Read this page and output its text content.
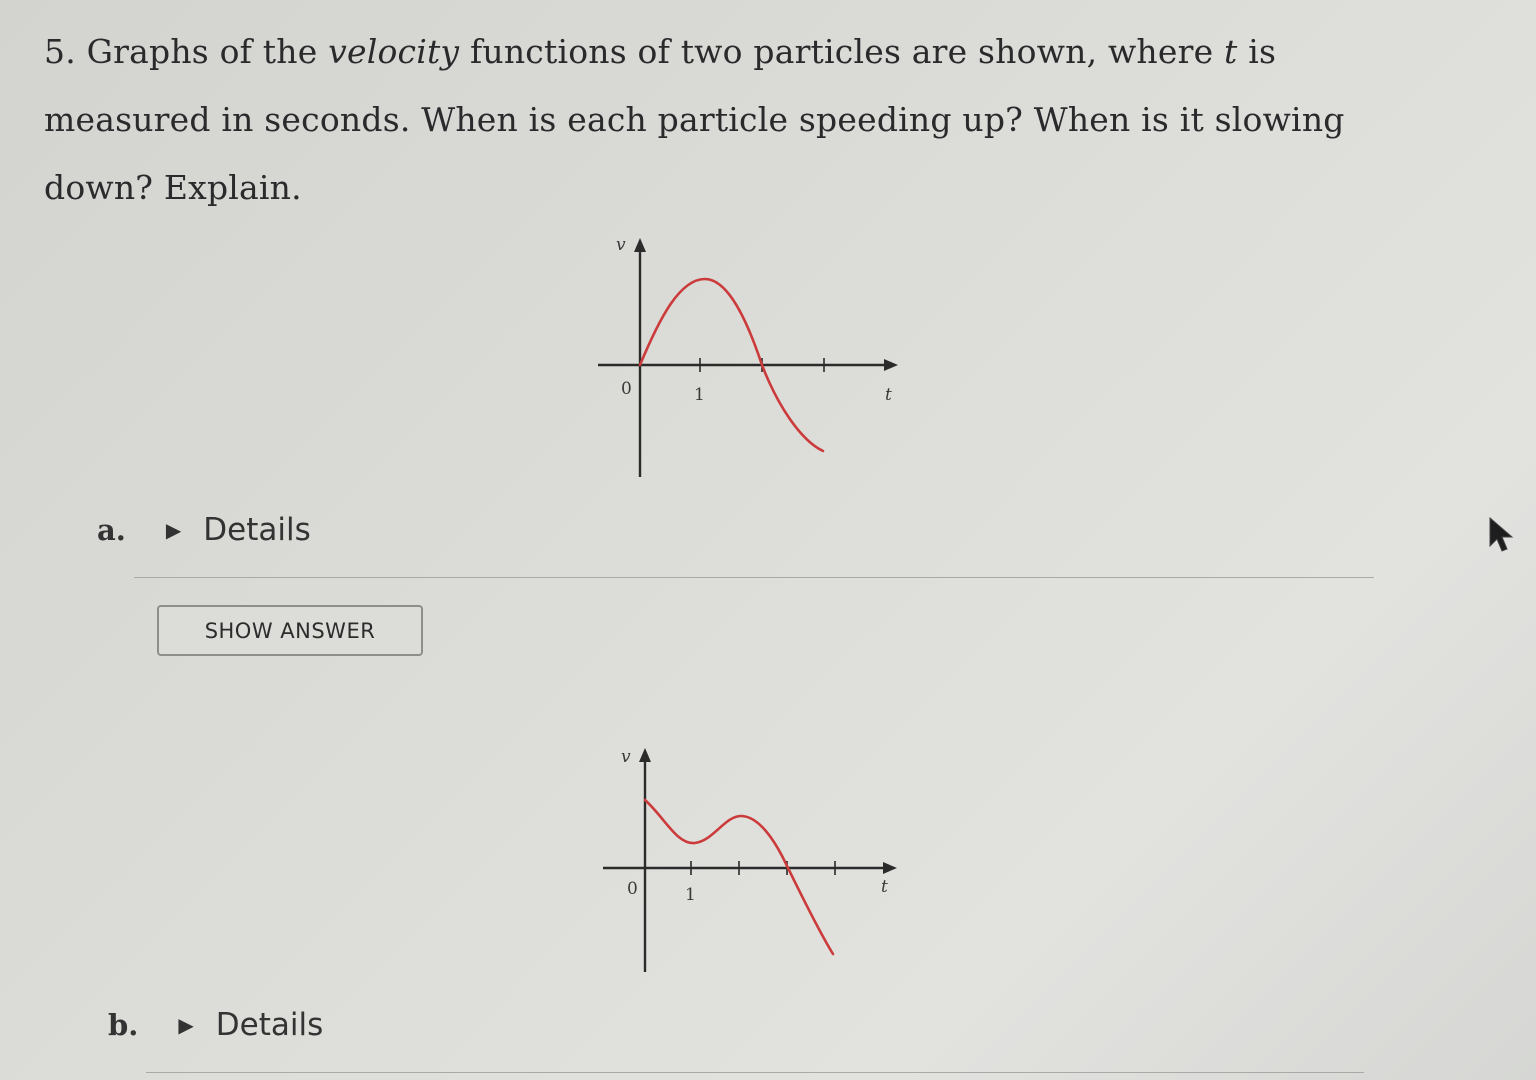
5. Graphs of the velocity functions of two particles are shown, where t is measured in seconds. When is each particle speeding up? When is it slowing down? Explain.
v
0	1	t
a. ▶ Details
SHOW ANSWER
v
0	1	t
b. ▶ Details
